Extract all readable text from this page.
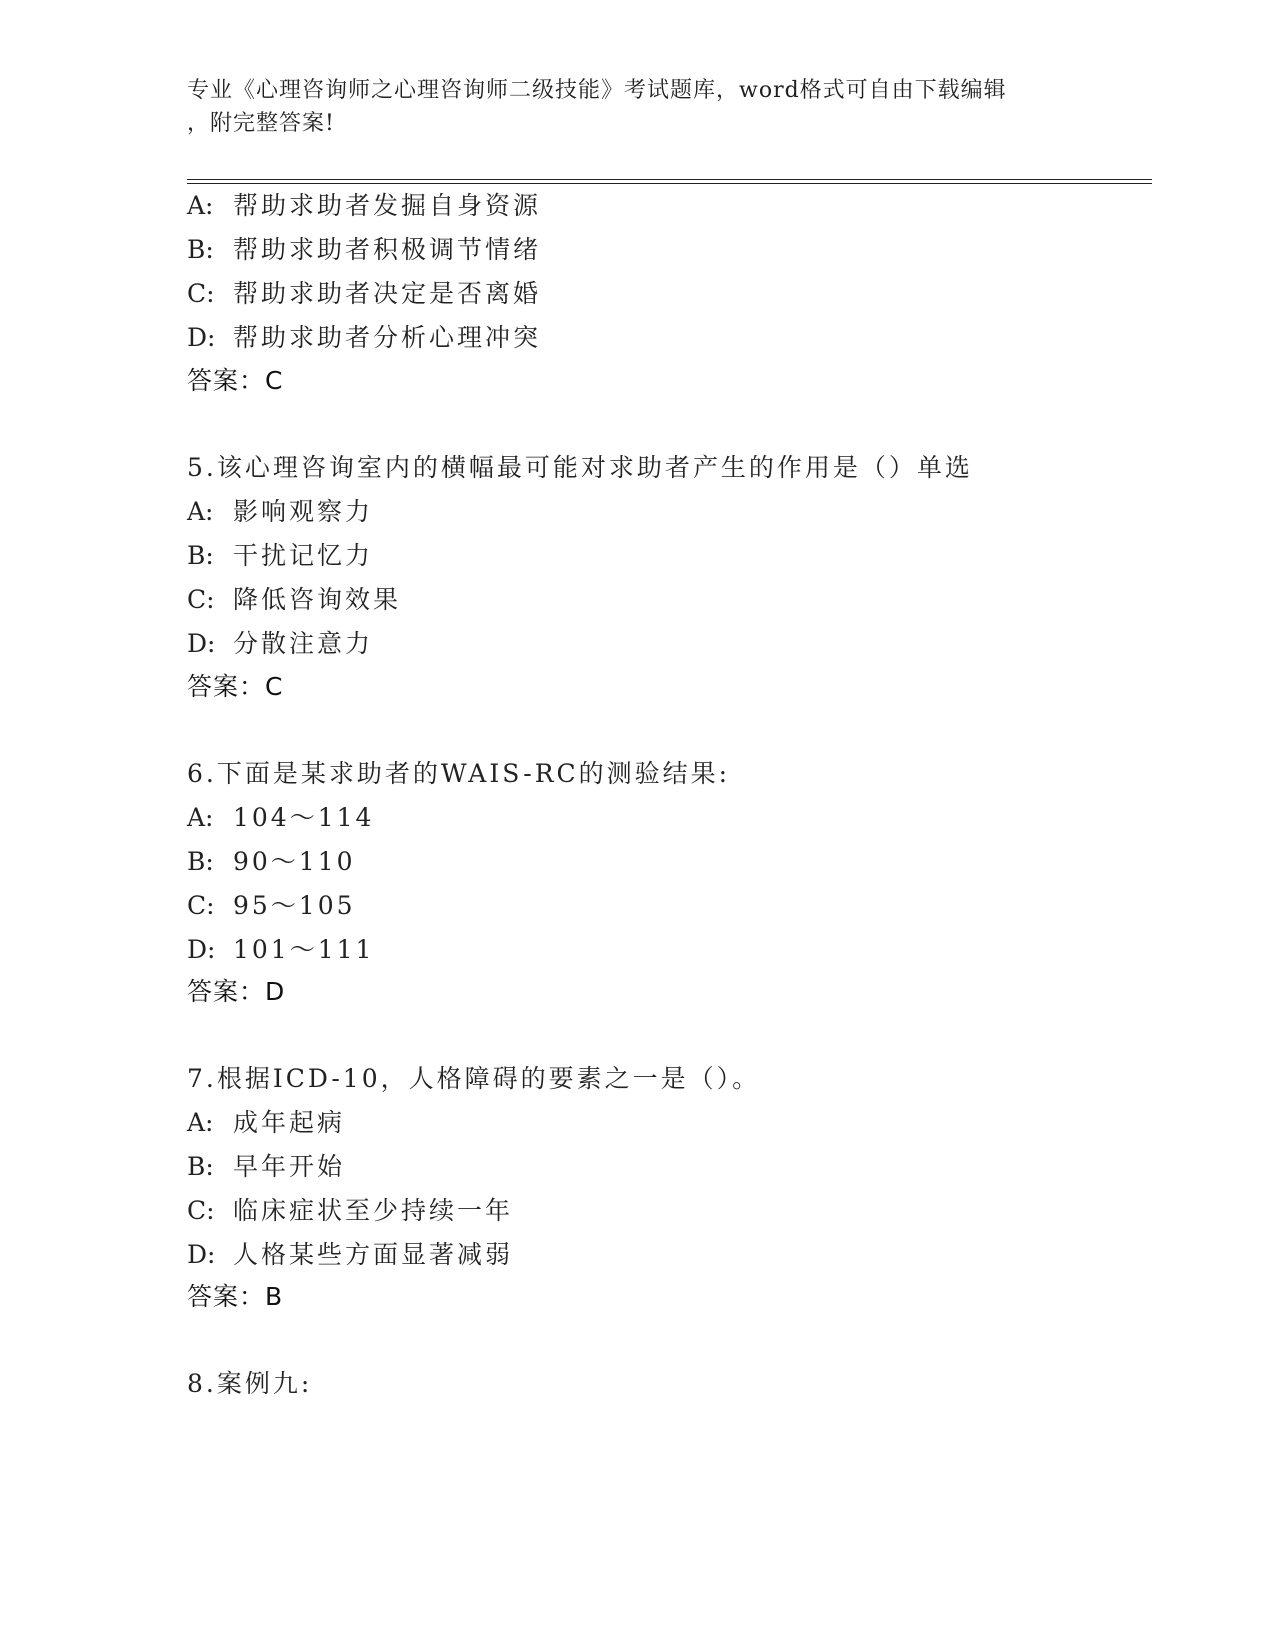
专业《心理咨询师之心理咨询师二级技能》考试题库，word格式可自由下载编辑
，附完整答案!
A: 帮助求助者发掘自身资源
B: 帮助求助者积极调节情绪
C: 帮助求助者决定是否离婚
D: 帮助求助者分析心理冲突
答案：C
5.该心理咨询室内的横幅最可能对求助者产生的作用是（）单选
A: 影响观察力
B: 干扰记忆力
C: 降低咨询效果
D: 分散注意力
答案：C
6.下面是某求助者的WAIS-RC的测验结果:
A: 104～114
B: 90～110
C: 95～105
D: 101～111
答案：D
7.根据ICD-10，人格障碍的要素之一是（）。
A: 成年起病
B: 早年开始
C: 临床症状至少持续一年
D: 人格某些方面显著减弱
答案：B
8.案例九:
